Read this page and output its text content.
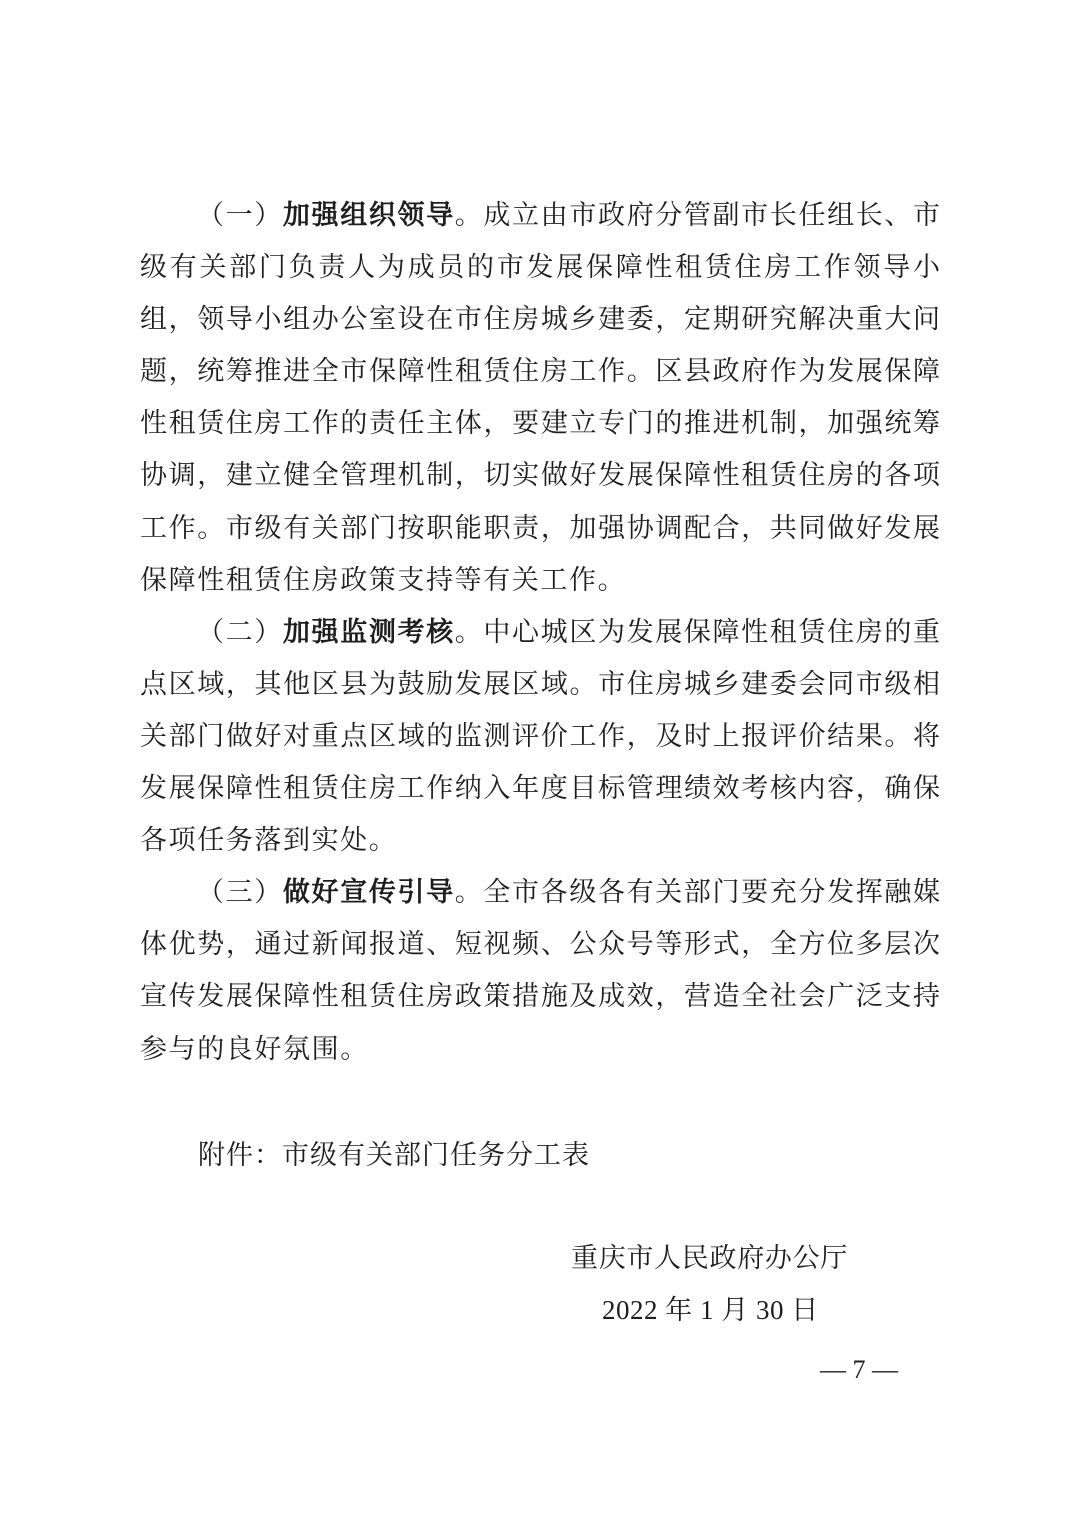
（一）加强组织领导。成立由市政府分管副市长任组长、市
级有关部门负责人为成员的市发展保障性租赁住房工作领导小
组，领导小组办公室设在市住房城乡建委，定期研究解决重大问
题，统筹推进全市保障性租赁住房工作。区县政府作为发展保障
性租赁住房工作的责任主体，要建立专门的推进机制，加强统筹
协调，建立健全管理机制，切实做好发展保障性租赁住房的各项
工作。市级有关部门按职能职责，加强协调配合，共同做好发展
保障性租赁住房政策支持等有关工作。
（二）加强监测考核。中心城区为发展保障性租赁住房的重
点区域，其他区县为鼓励发展区域。市住房城乡建委会同市级相
关部门做好对重点区域的监测评价工作，及时上报评价结果。将
发展保障性租赁住房工作纳入年度目标管理绩效考核内容，确保
各项任务落到实处。
（三）做好宣传引导。全市各级各有关部门要充分发挥融媒
体优势，通过新闻报道、短视频、公众号等形式，全方位多层次
宣传发展保障性租赁住房政策措施及成效，营造全社会广泛支持
参与的良好氛围。
附件：市级有关部门任务分工表
重庆市人民政府办公厅
2022 年 1 月 30 日
— 7 —
